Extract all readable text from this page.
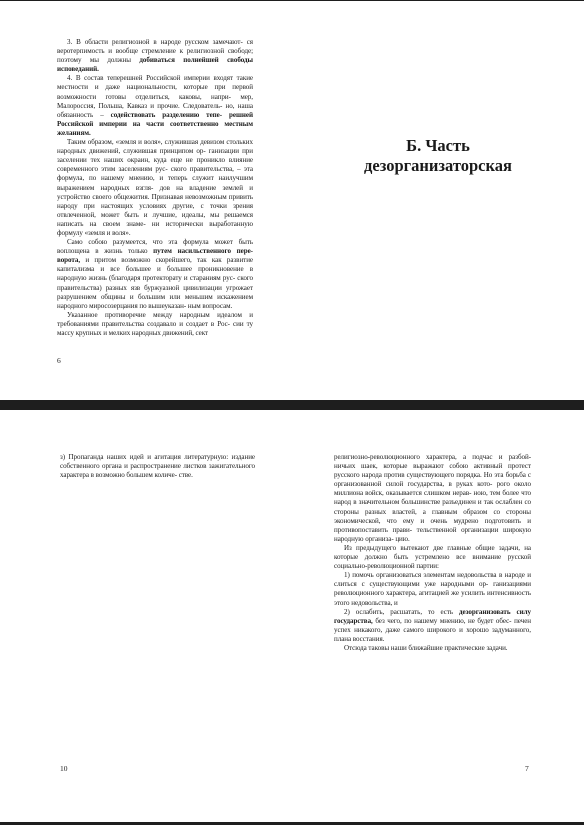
3. В области религиозной в народе русском замечают- ся веротерпимость и вообще стремление к религиозной свободе; поэтому мы должны добиваться полнейшей свободы исповеданий.

4. В состав теперешней Российской империи входят такие местности и даже национальности, которые при первой возможности готовы отделиться, каковы, напри- мер, Малороссия, Польша, Кавказ и прочие. Следователь- но, наша обязанность – содействовать разделению тепе- решней Российской империи на части соответственно местным желаниям.

Таким образом, «земля и воля», служившая девизом стольких народных движений, служившая принципом ор- ганизации при заселении тех наших окраин, куда еще не проникло влияние современного этим заселениям рус- ского правительства, – эта формула, по нашему мнению, и теперь служит наилучшим выражением народных взгля- дов на владение землей и устройство своего общежития. Признавая невозможным привить народу при настоящих условиях другие, с точки зрения отвлеченной, может быть и лучшие, идеалы, мы решаемся написать на своем знаме- ни исторически выработанную формулу «земля и воля».

Само собою разумеется, что эта формула может быть воплощена в жизнь только путем насильственного пере- ворота, и притом возможно скорейшего, так как развитие капитализма и все большее и большее проникновение в народную жизнь (благодаря протекторату и стараниям рус- ского правительства) разных язв буржуазной цивилизации угрожает разрушением общины и большим или меньшим искажением народного миросозерцания по вышеуказан- ным вопросам.

Указанное противоречие между народным идеалом и требованиями правительства создавало и создает в Рос- сии ту массу крупных и мелких народных движений, сект

6
Б. Часть
дезорганизаторская

з) Пропаганда наших идей и агитация литературную: издание собственного органа и распространение листков зажигательного характера в возможно большем количе- стве.

10	7

религиозно-революционного характера, а подчас и разбой- ничьих шаек, которые выражают собою активный протест русского народа против существующего порядка. Но эта борьба с организованной силой государства, в руках кото- рого около миллиона войск, оказывается слишком нерав- ною, тем более что народ в значительном большинстве разъединен и так ослаблен со стороны разных властей, а главным образом со стороны экономической, что ему и очень мудрено подготовить и противопоставить прави- тельственной организации широкую народную организа- цию.

Из предыдущего вытекают две главные общие задачи, на которые должно быть устремлено все внимание русской социально-революционной партии:

1) помочь организоваться элементам недовольства в народе и слиться с существующими уже народными ор- ганизациями революционного характера, агитацией же усилить интенсивность этого недовольства, и

2) ослабить, расшатать, то есть дезорганизовать силу государства, без чего, по нашему мнению, не будет обес- печен успех никакого, даже самого широкого и хорошо задуманного, плана восстания.

Отсюда таковы наши ближайшие практические задачи.
